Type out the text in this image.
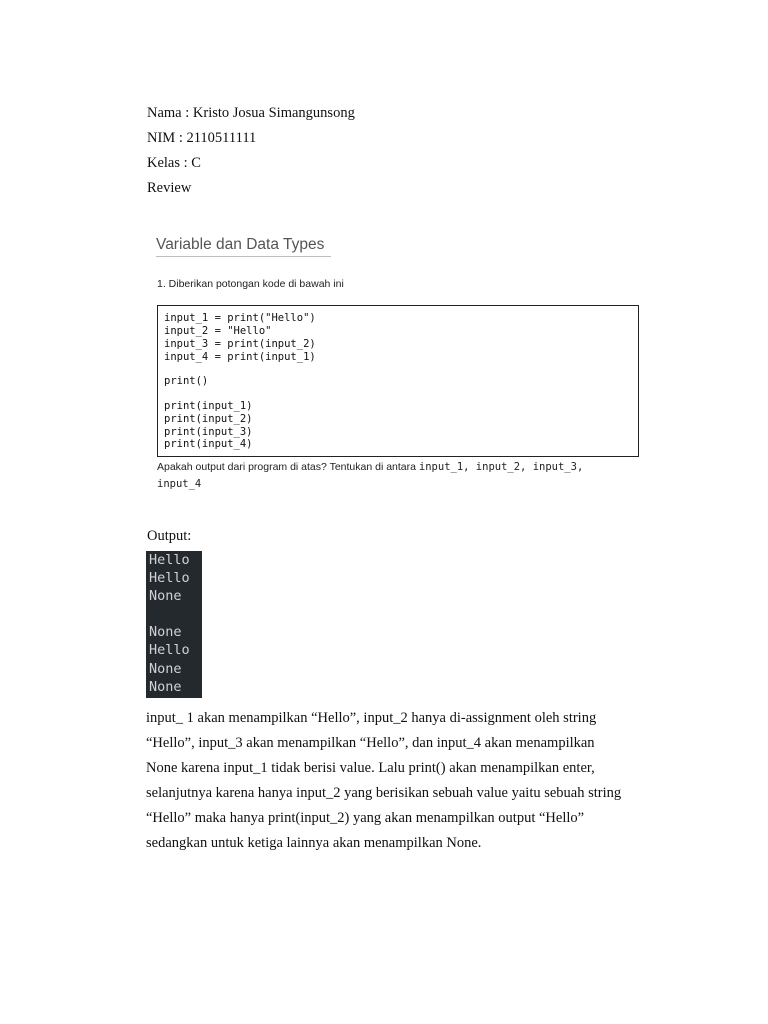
Nama : Kristo Josua Simangunsong
NIM : 2110511111
Kelas : C
Review
Variable dan Data Types
1. Diberikan potongan kode di bawah ini
input_1 = print("Hello")
input_2 = "Hello"
input_3 = print(input_2)
input_4 = print(input_1)
print()
print(input_1)
print(input_2)
print(input_3)
print(input_4)
Apakah output dari program di atas? Tentukan di antara input_1, input_2, input_3,
input_4
Output:
Hello
Hello
None
None
Hello
None
None
input_ 1 akan menampilkan “Hello”, input_2 hanya di-assignment oleh string
“Hello”, input_3 akan menampilkan “Hello”, dan input_4 akan menampilkan
None karena input_1 tidak berisi value. Lalu print() akan menampilkan enter,
selanjutnya karena hanya input_2 yang berisikan sebuah value yaitu sebuah string
“Hello” maka hanya print(input_2) yang akan menampilkan output “Hello”
sedangkan untuk ketiga lainnya akan menampilkan None.
